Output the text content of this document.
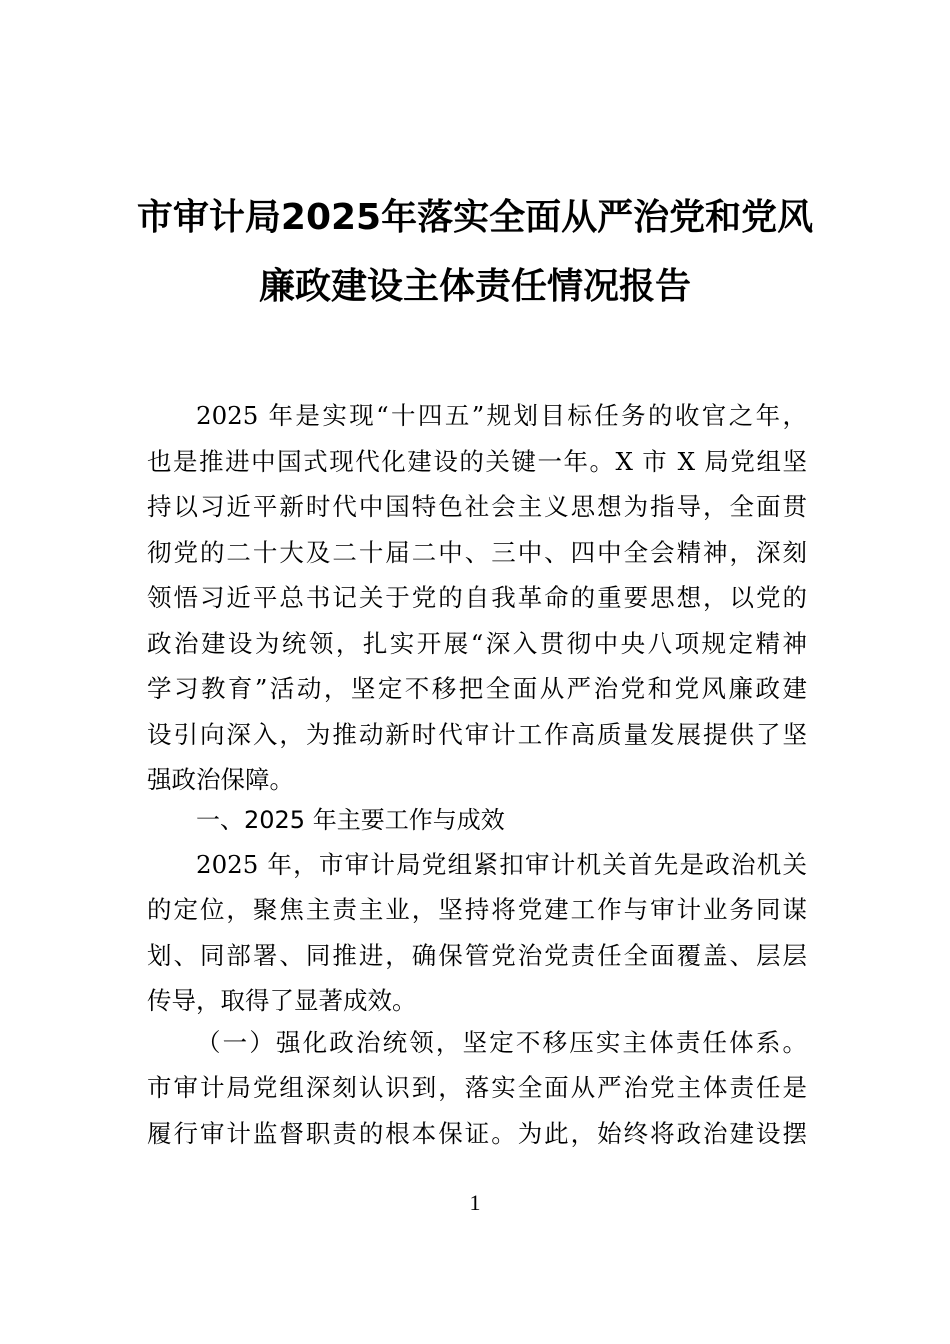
市审计局2025年落实全面从严治党和党风
廉政建设主体责任情况报告
2025 年是实现“十四五”规划目标任务的收官之年，
也是推进中国式现代化建设的关键一年。X 市 X 局党组坚
持以习近平新时代中国特色社会主义思想为指导，全面贯
彻党的二十大及二十届二中、三中、四中全会精神，深刻
领悟习近平总书记关于党的自我革命的重要思想，以党的
政治建设为统领，扎实开展“深入贯彻中央八项规定精神
学习教育”活动，坚定不移把全面从严治党和党风廉政建
设引向深入，为推动新时代审计工作高质量发展提供了坚
强政治保障。
一、2025 年主要工作与成效
2025 年，市审计局党组紧扣审计机关首先是政治机关
的定位，聚焦主责主业，坚持将党建工作与审计业务同谋
划、同部署、同推进，确保管党治党责任全面覆盖、层层
传导，取得了显著成效。
（一）强化政治统领，坚定不移压实主体责任体系。
市审计局党组深刻认识到，落实全面从严治党主体责任是
履行审计监督职责的根本保证。为此，始终将政治建设摆
1
